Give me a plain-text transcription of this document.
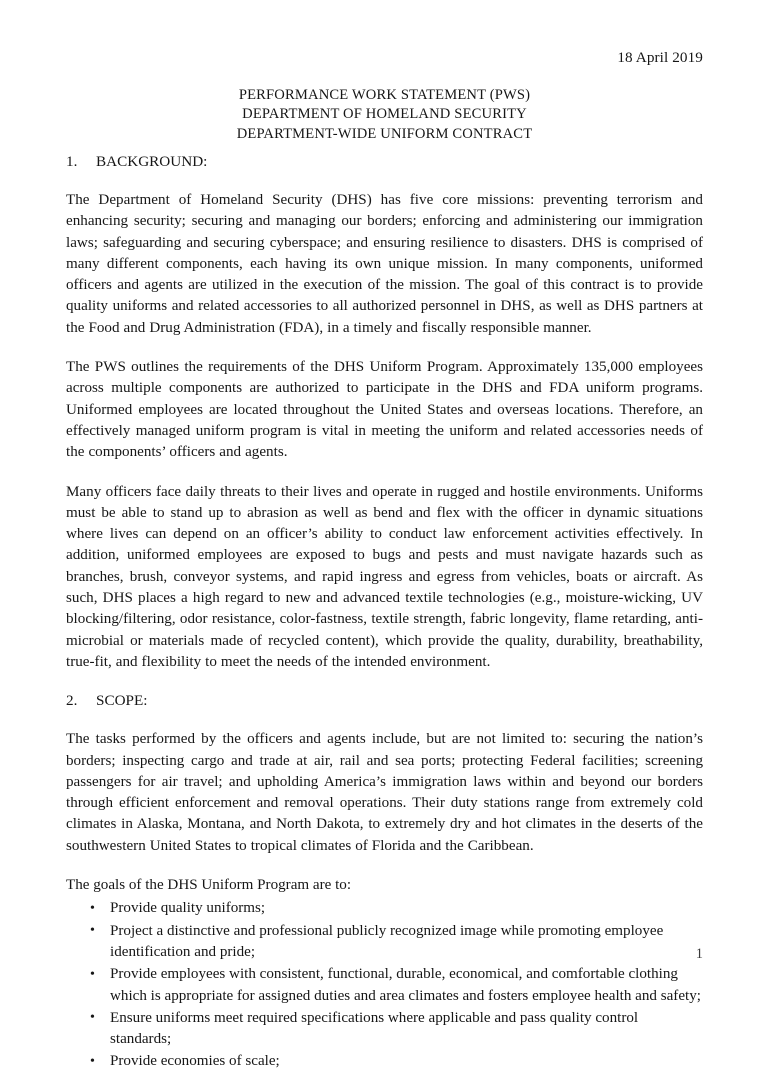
18 April 2019
PERFORMANCE WORK STATEMENT (PWS)
DEPARTMENT OF HOMELAND SECURITY
DEPARTMENT-WIDE UNIFORM CONTRACT
1. BACKGROUND:

The Department of Homeland Security (DHS) has five core missions: preventing terrorism and enhancing security; securing and managing our borders; enforcing and administering our immigration laws; safeguarding and securing cyberspace; and ensuring resilience to disasters. DHS is comprised of many different components, each having its own unique mission. In many components, uniformed officers and agents are utilized in the execution of the mission. The goal of this contract is to provide quality uniforms and related accessories to all authorized personnel in DHS, as well as DHS partners at the Food and Drug Administration (FDA), in a timely and fiscally responsible manner.

The PWS outlines the requirements of the DHS Uniform Program. Approximately 135,000 employees across multiple components are authorized to participate in the DHS and FDA uniform programs. Uniformed employees are located throughout the United States and overseas locations. Therefore, an effectively managed uniform program is vital in meeting the uniform and related accessories needs of the components’ officers and agents.

Many officers face daily threats to their lives and operate in rugged and hostile environments. Uniforms must be able to stand up to abrasion as well as bend and flex with the officer in dynamic situations where lives can depend on an officer’s ability to conduct law enforcement activities effectively. In addition, uniformed employees are exposed to bugs and pests and must navigate hazards such as branches, brush, conveyor systems, and rapid ingress and egress from vehicles, boats or aircraft. As such, DHS places a high regard to new and advanced textile technologies (e.g., moisture-wicking, UV blocking/filtering, odor resistance, color-fastness, textile strength, fabric longevity, flame retarding, anti-microbial or materials made of recycled content), which provide the quality, durability, breathability, true-fit, and flexibility to meet the needs of the intended environment.

2. SCOPE:

The tasks performed by the officers and agents include, but are not limited to: securing the nation’s borders; inspecting cargo and trade at air, rail and sea ports; protecting Federal facilities; screening passengers for air travel; and upholding America’s immigration laws within and beyond our borders through efficient enforcement and removal operations. Their duty stations range from extremely cold climates in Alaska, Montana, and North Dakota, to extremely dry and hot climates in the deserts of the southwestern United States to tropical climates of Florida and the Caribbean.

The goals of the DHS Uniform Program are to:

• Provide quality uniforms;
• Project a distinctive and professional publicly recognized image while promoting employee identification and pride;
• Provide employees with consistent, functional, durable, economical, and comfortable clothing which is appropriate for assigned duties and area climates and fosters employee health and safety;
• Ensure uniforms meet required specifications where applicable and pass quality control standards;
• Provide economies of scale;
1
